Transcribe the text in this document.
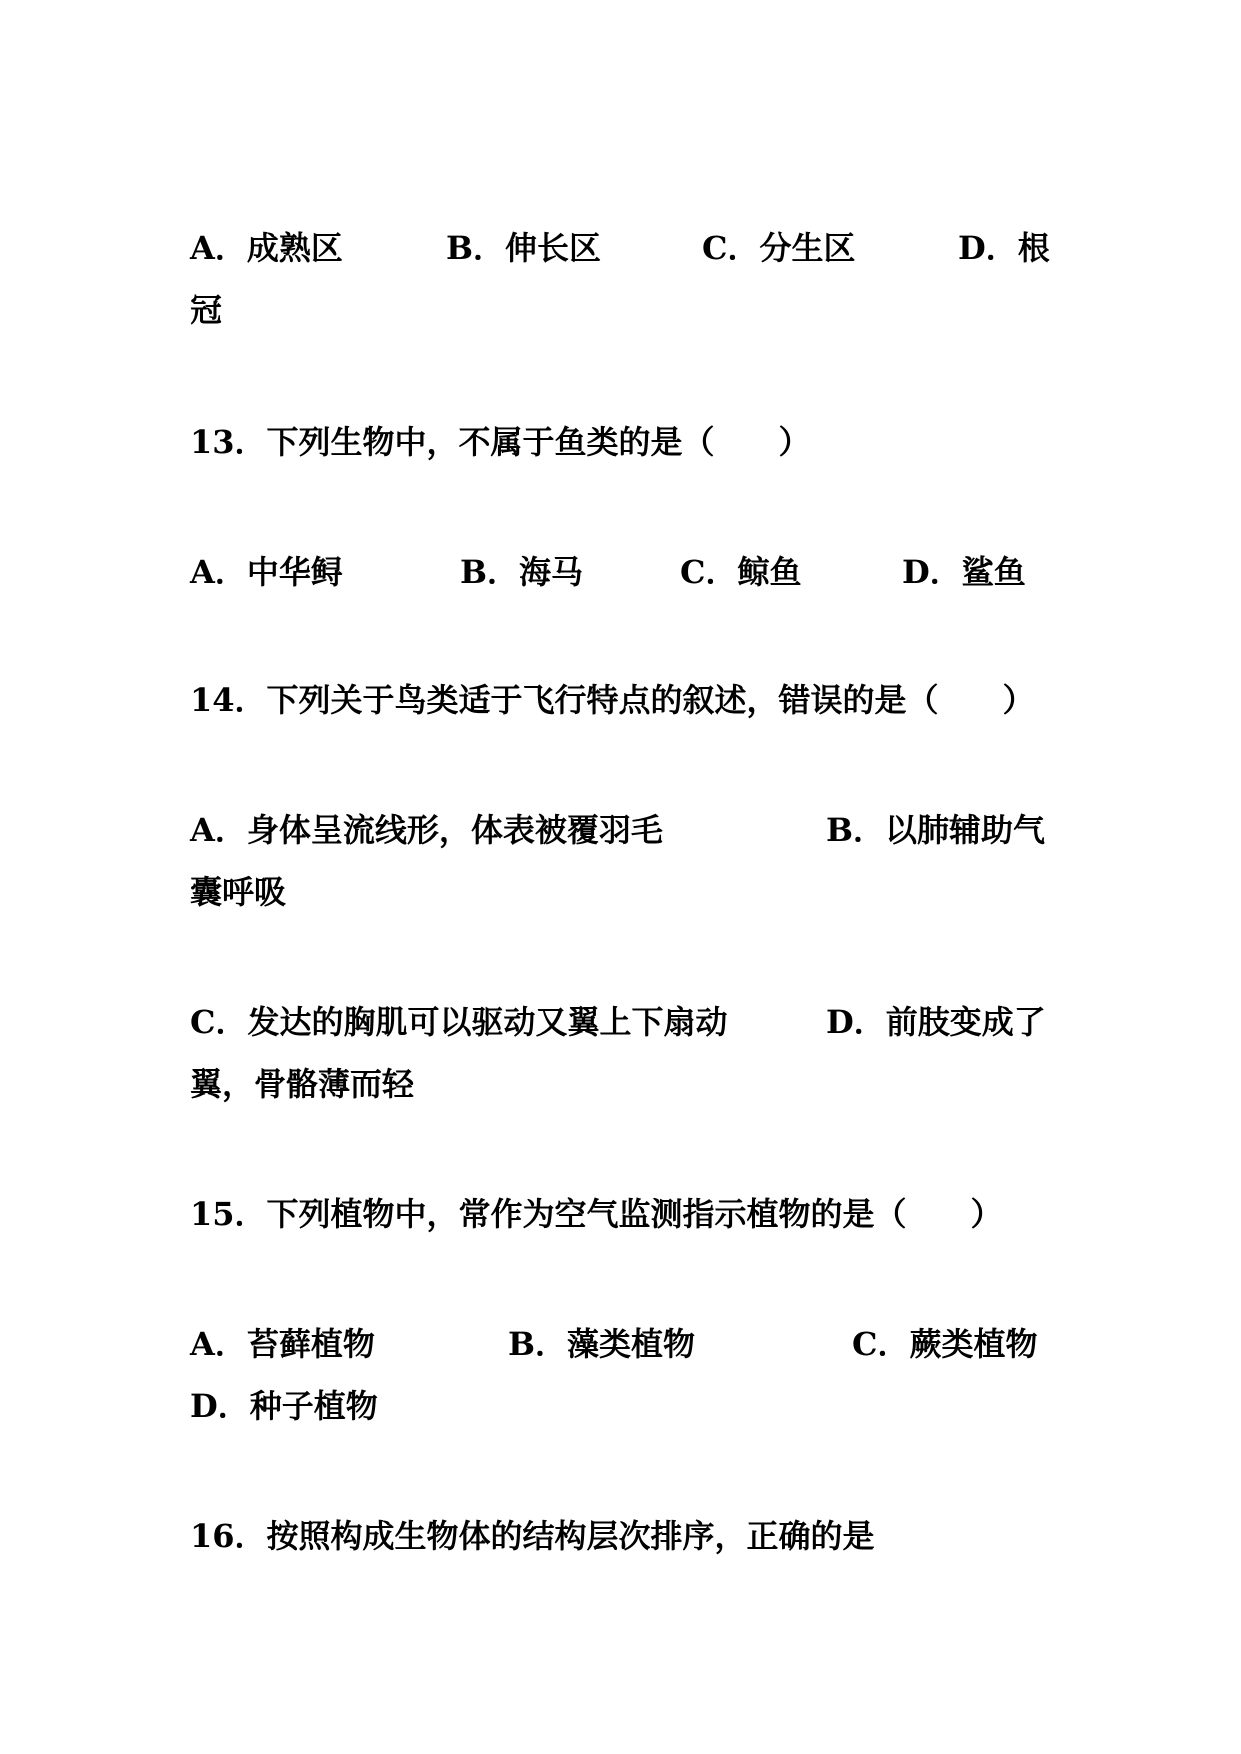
A．成熟区	B．伸长区	C．分生区	D．根
冠
13．下列生物中，不属于鱼类的是（　　）
A．中华鲟	B．海马	C．鲸鱼	D．鲨鱼
14．下列关于鸟类适于飞行特点的叙述，错误的是（　　）
A．身体呈流线形，体表被覆羽毛	B．以肺辅助气
囊呼吸
C．发达的胸肌可以驱动又翼上下扇动	D．前肢变成了
翼，骨骼薄而轻
15．下列植物中，常作为空气监测指示植物的是（　　）
A．苔藓植物	B．藻类植物	C．蕨类植物
D．种子植物
16．按照构成生物体的结构层次排序，正确的是
